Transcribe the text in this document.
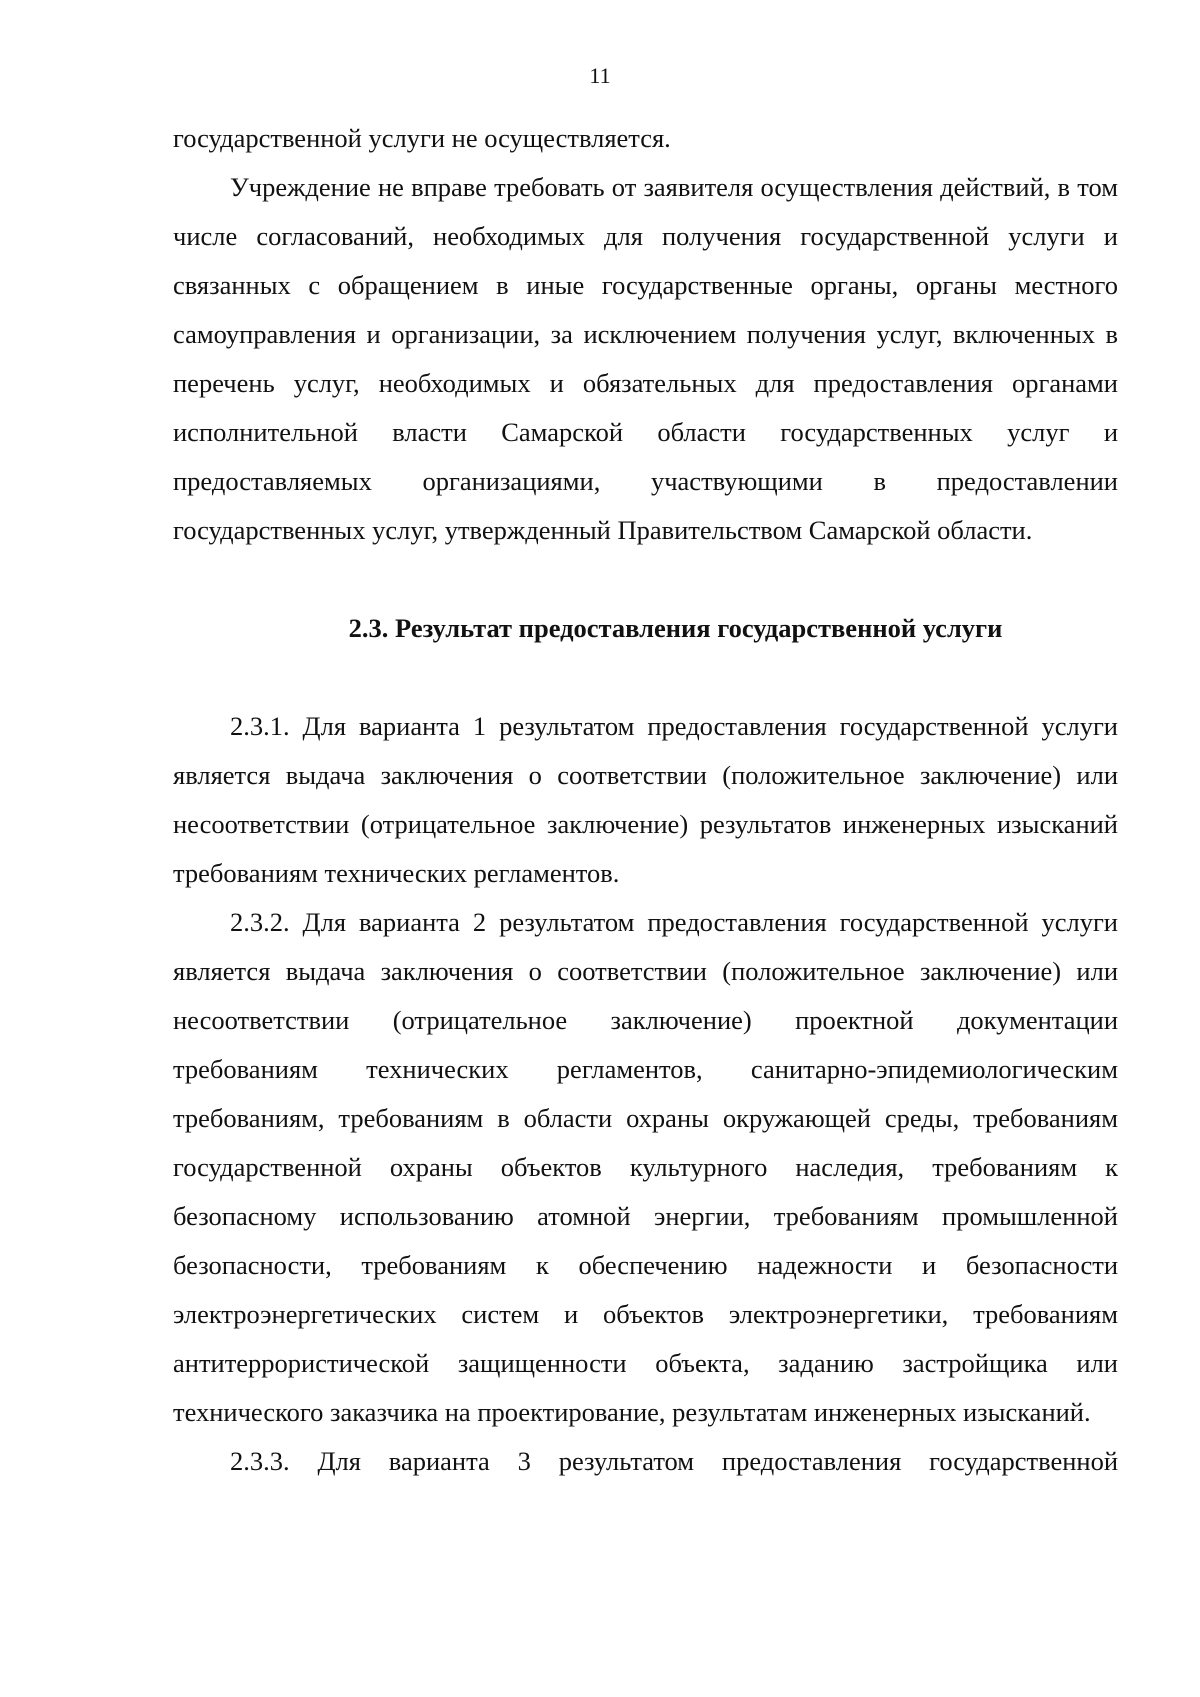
11

государственной услуги не осуществляется.

Учреждение не вправе требовать от заявителя осуществления действий, в том числе согласований, необходимых для получения государственной услуги и связанных с обращением в иные государственные органы, органы местного самоуправления и организации, за исключением получения услуг, включенных в перечень услуг, необходимых и обязательных для предоставления органами исполнительной власти Самарской области государственных услуг и предоставляемых организациями, участвующими в предоставлении государственных услуг, утвержденный Правительством Самарской области.

2.3. Результат предоставления государственной услуги

2.3.1. Для варианта 1 результатом предоставления государственной услуги является выдача заключения о соответствии (положительное заключение) или несоответствии (отрицательное заключение) результатов инженерных изысканий требованиям технических регламентов.

2.3.2. Для варианта 2 результатом предоставления государственной услуги является выдача заключения о соответствии (положительное заключение) или несоответствии (отрицательное заключение) проектной документации требованиям технических регламентов, санитарно-эпидемиологическим требованиям, требованиям в области охраны окружающей среды, требованиям государственной охраны объектов культурного наследия, требованиям к безопасному использованию атомной энергии, требованиям промышленной безопасности, требованиям к обеспечению надежности и безопасности электроэнергетических систем и объектов электроэнергетики, требованиям антитеррористической защищенности объекта, заданию застройщика или технического заказчика на проектирование, результатам инженерных изысканий.

2.3.3. Для варианта 3 результатом предоставления государственной
